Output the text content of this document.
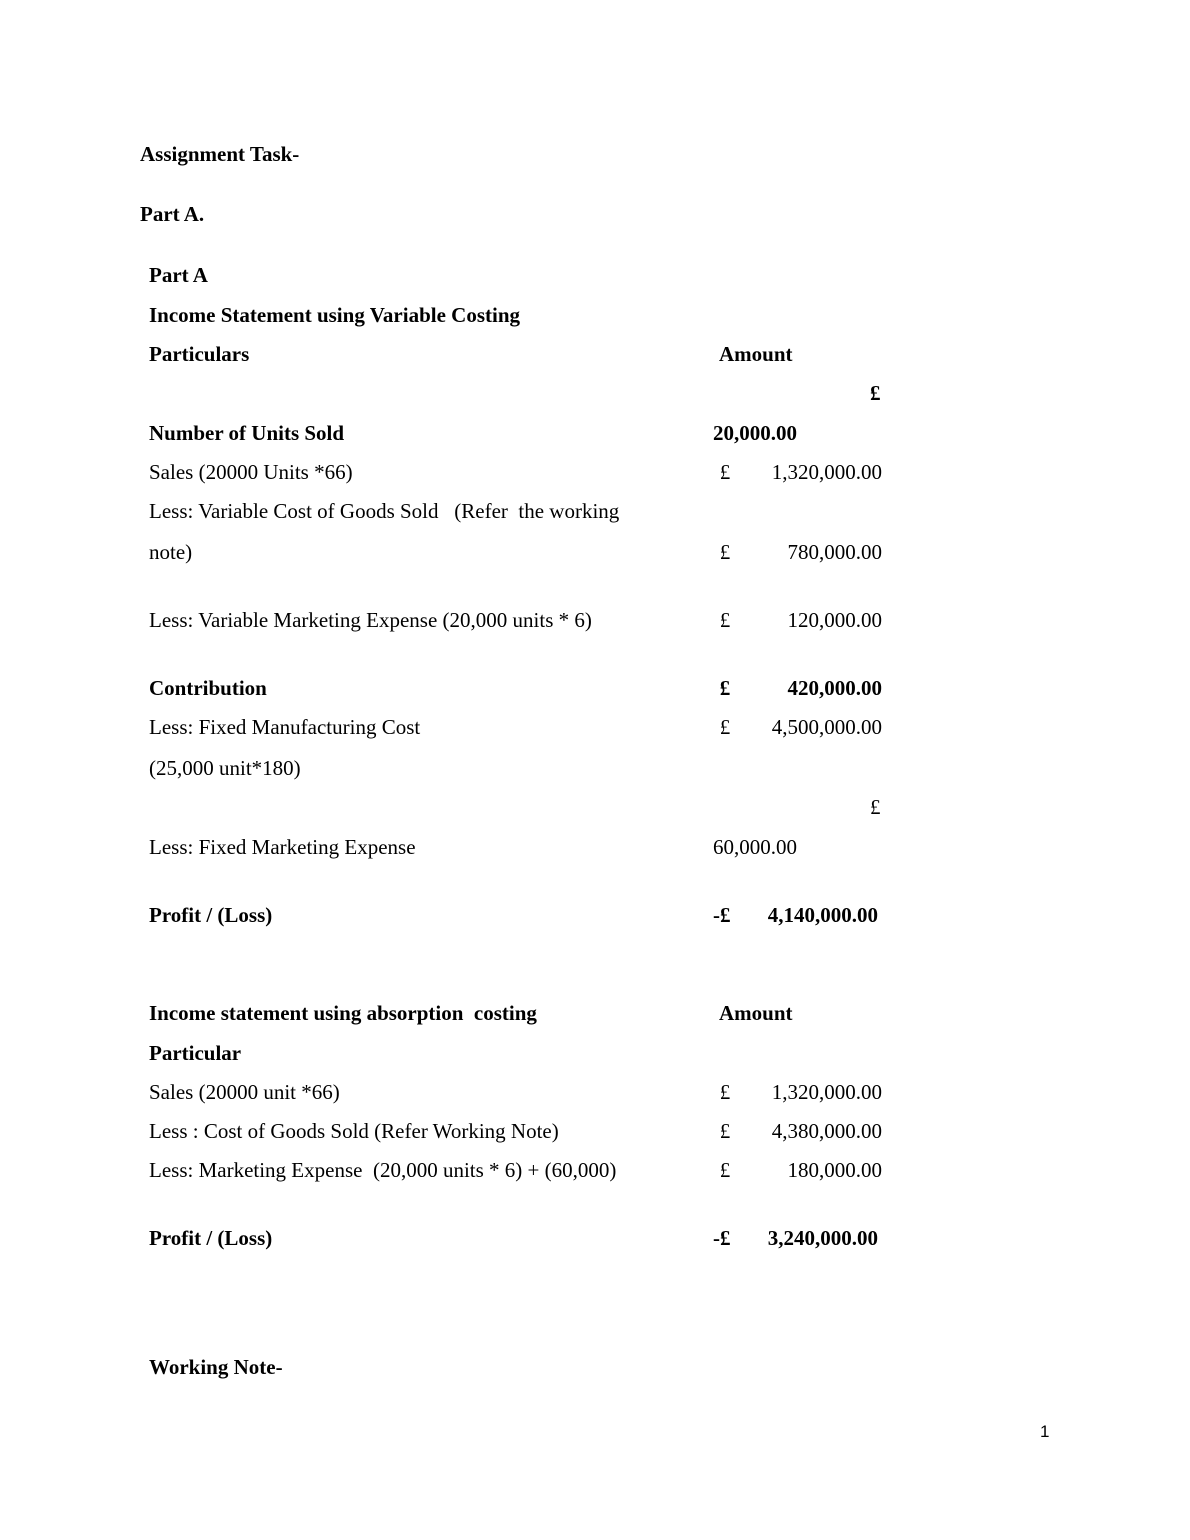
Assignment Task-
Part A.
Part A
Income Statement using Variable Costing
Particulars	Amount
£
Number of Units Sold	20,000.00
Sales (20000 Units *66)	£ 1,320,000.00
Less: Variable Cost of Goods Sold   (Refer  the working
note)	£	780,000.00
Less: Variable Marketing Expense (20,000 units * 6)	£	120,000.00
Contribution	£	420,000.00
Less: Fixed Manufacturing Cost	£ 4,500,000.00
(25,000 unit*180)
£
Less: Fixed Marketing Expense	60,000.00
Profit / (Loss)	-£ 4,140,000.00
Income statement using absorption  costing	Amount
Particular
Sales (20000 unit *66)	£ 1,320,000.00
Less : Cost of Goods Sold (Refer Working Note)	£ 4,380,000.00
Less: Marketing Expense  (20,000 units * 6) + (60,000)	£	180,000.00
Profit / (Loss)	-£ 3,240,000.00
Working Note-
1
